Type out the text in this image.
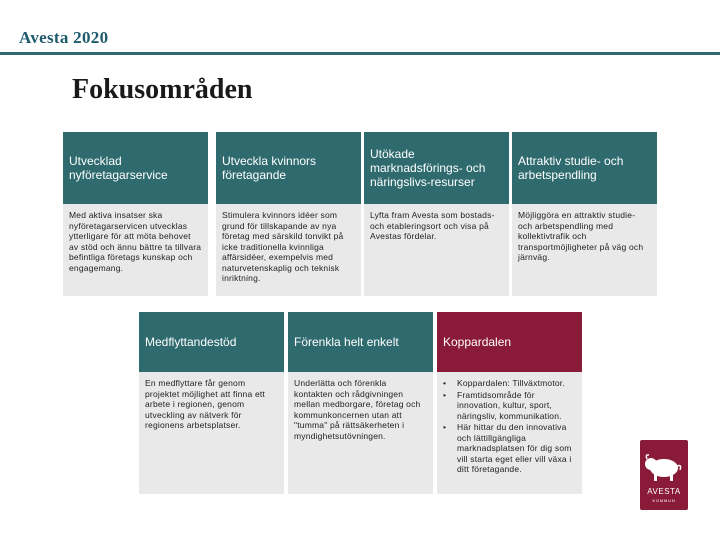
Avesta 2020
Fokusområden
Utvecklad nyföretagarservice
Med aktiva insatser ska nyföretagarservicen utvecklas ytterligare för att möta behovet av stöd och ännu bättre ta tillvara befintliga företags kunskap och engagemang.
Utveckla kvinnors företagande
Stimulera kvinnors idéer som grund för tillskapande av nya företag med särskild tonvikt på icke traditionella kvinnliga affärsidéer, exempelvis med naturvetenskaplig och teknisk inriktning.
Utökade marknadsförings- och näringslivs-resurser
Lyfta fram Avesta som bostads- och etableringsort och visa på Avestas fördelar.
Attraktiv studie- och arbetspendling
Möjliggöra en attraktiv studie- och arbetspendling med kollektivtrafik och transportmöjligheter på väg och järnväg.
Medflyttandestöd
En medflyttare får genom projektet möjlighet att finna ett arbete i regionen, genom utveckling av nätverk för regionens arbetsplatser.
Förenkla helt enkelt
Underlätta och förenkla kontakten och rådgivningen mellan medborgare, företag och kommunkoncernen utan att "tumma" på rättsäkerheten i myndighetsutövningen.
Koppardalen
• Koppardalen: Tillväxtmotor.
• Framtidsområde för innovation, kultur, sport, näringsliv, kommunikation.
• Här hittar du den innovativa och lättillgängliga marknadsplatsen för dig som vill starta eget eller vill växa i ditt företagande.
AVESTA
KOMMUN
